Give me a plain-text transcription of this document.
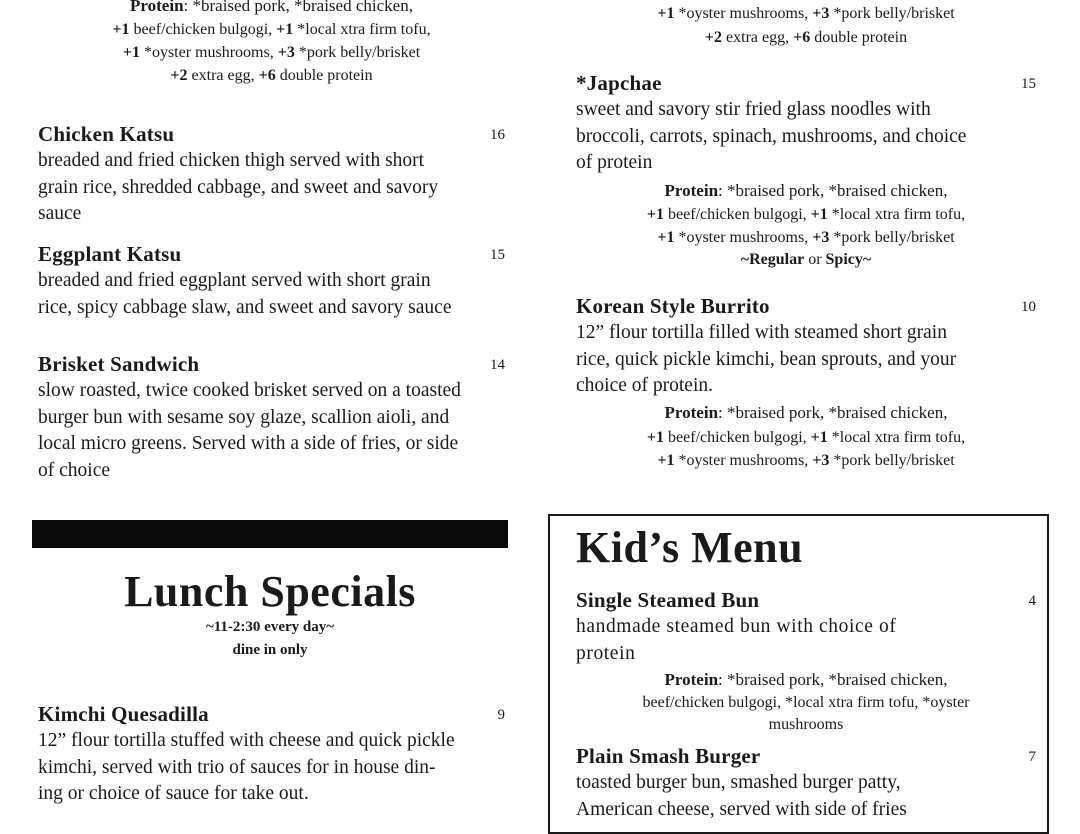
Protein: *braised pork, *braised chicken,
+1 beef/chicken bulgogi, +1 *local xtra firm tofu,
+1 *oyster mushrooms, +3 *pork belly/brisket
+2 extra egg, +6 double protein
Chicken Katsu	16
breaded and fried chicken thigh served with short
grain rice, shredded cabbage, and sweet and savory
sauce
Eggplant Katsu	15
breaded and fried eggplant served with short grain
rice, spicy cabbage slaw, and sweet and savory sauce
Brisket Sandwich	14
slow roasted, twice cooked brisket served on a toasted
burger bun with sesame soy glaze, scallion aioli, and
local micro greens. Served with a side of fries, or side
of choice
Lunch Specials
~11-2:30 every day~
dine in only
Kimchi Quesadilla	9
12” flour tortilla stuffed with cheese and quick pickle
kimchi, served with trio of sauces for in house din-
ing or choice of sauce for take out.
+1 *oyster mushrooms, +3 *pork belly/brisket
+2 extra egg, +6 double protein
*Japchae	15
sweet and savory stir fried glass noodles with
broccoli, carrots, spinach, mushrooms, and choice
of protein
Protein: *braised pork, *braised chicken,
+1 beef/chicken bulgogi, +1 *local xtra firm tofu,
+1 *oyster mushrooms, +3 *pork belly/brisket
~Regular or Spicy~
Korean Style Burrito	10
12” flour tortilla filled with steamed short grain
rice, quick pickle kimchi, bean sprouts, and your
choice of protein.
Protein: *braised pork, *braised chicken,
+1 beef/chicken bulgogi, +1 *local xtra firm tofu,
+1 *oyster mushrooms, +3 *pork belly/brisket
Kid’s Menu
Single Steamed Bun	4
handmade steamed bun with choice of
protein
Protein: *braised pork, *braised chicken,
beef/chicken bulgogi, *local xtra firm tofu, *oyster
mushrooms
Plain Smash Burger	7
toasted burger bun, smashed burger patty,
American cheese, served with side of fries
